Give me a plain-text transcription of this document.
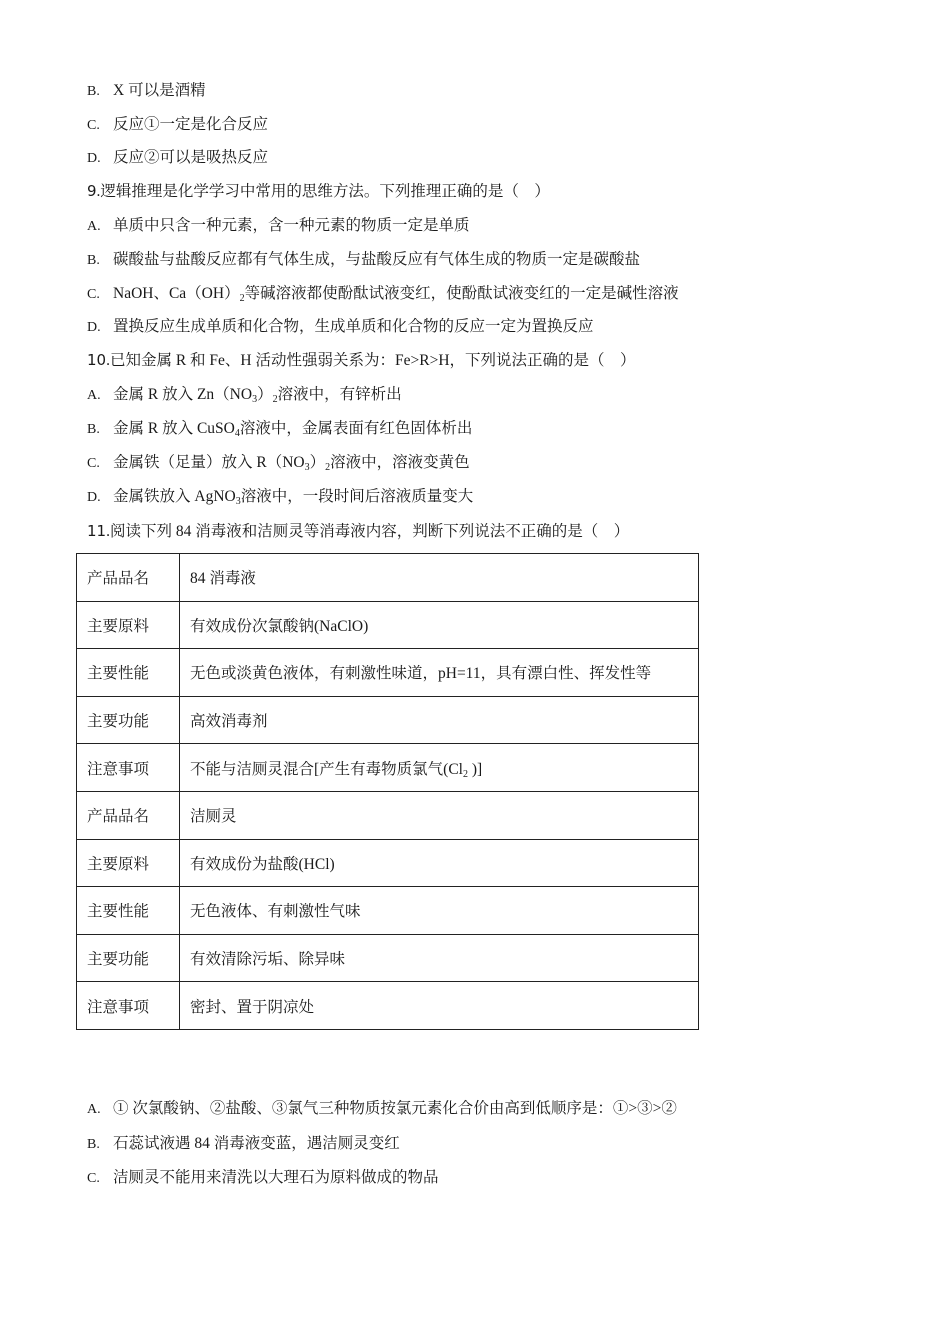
B. X 可以是酒精
C. 反应①一定是化合反应
D. 反应②可以是吸热反应
9.逻辑推理是化学学习中常用的思维方法。下列推理正确的是（　）
A. 单质中只含一种元素，含一种元素的物质一定是单质
B. 碳酸盐与盐酸反应都有气体生成，与盐酸反应有气体生成的物质一定是碳酸盐
C. NaOH、$Ca(OH)_2$等碱溶液都使酚酞试液变红，使酚酞试液变红的一定是碱性溶液
D. 置换反应生成单质和化合物，生成单质和化合物的反应一定为置换反应
10.已知金属 R 和 Fe、H 活动性强弱关系为：Fe>R>H，下列说法正确的是（　）
A. 金属 R 放入 $Zn(NO_3)_2$溶液中，有锌析出
B. 金属 R 放入 CuSO$_4$溶液中，金属表面有红色固体析出
C. 金属铁（足量）放入 $R(NO_3)_2$溶液中，溶液变黄色
D. 金属铁放入 AgNO$_3$溶液中，一段时间后溶液质量变大
11.阅读下列 84 消毒液和洁厕灵等消毒液内容，判断下列说法不正确的是（　）
产品品名	84 消毒液
主要原料	有效成份次氯酸钠(NaClO)
主要性能	无色或淡黄色液体，有刺激性味道，pH=11，具有漂白性、挥发性等
主要功能	高效消毒剂
注意事项	不能与洁厕灵混合[产生有毒物质氯气($Cl_2$ )]
产品品名	洁厕灵
主要原料	有效成份为盐酸(HCl)
主要性能	无色液体、有刺激性气味
主要功能	有效清除污垢、除异味
注意事项	密封、置于阴凉处
A. ① 次氯酸钠、②盐酸、③氯气三种物质按氯元素化合价由高到低顺序是：①>③>②
B. 石蕊试液遇 84 消毒液变蓝，遇洁厕灵变红
C. 洁厕灵不能用来清洗以大理石为原料做成的物品
